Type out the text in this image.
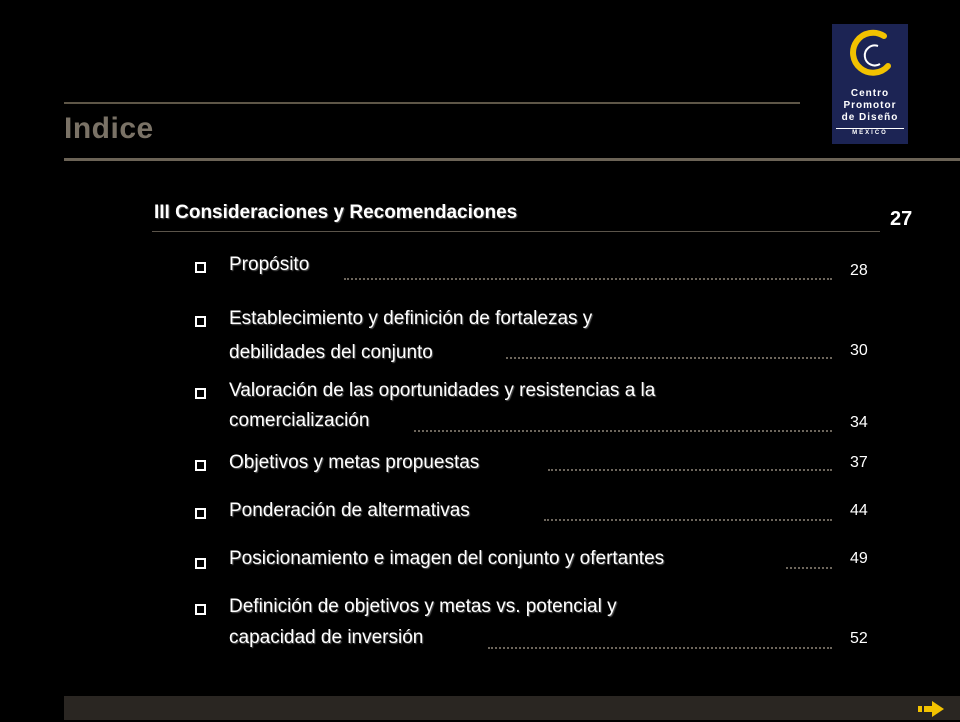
Indice
Centro
Promotor
de Diseño
MEXICO
III Consideraciones y Recomendaciones	27
Propósito	28
Establecimiento y definición de fortalezas y
debilidades del conjunto	30
Valoración de las oportunidades y resistencias a la
comercialización	34
Objetivos y metas propuestas	37
Ponderación de altermativas	44
Posicionamiento e imagen del conjunto y ofertantes	49
Definición de objetivos y metas vs. potencial y
capacidad de inversión	52
